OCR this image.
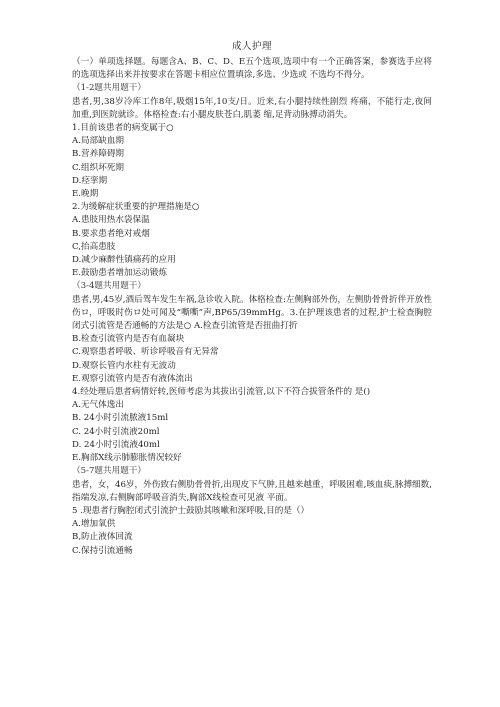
成人护理

（一）单项选择题。每题含A、B、C、D、E五个选项,选项中有一个正确答案，参赛选手应将的选项选择出来并按要求在答题卡相应位置填涂,多选、少选或 不选均不得分。

（1-2题共用题干）

患者,男,38岁冷库工作8年,吸烟15年,10支/日。近来,右小腿持续性剧烈 疼痛，不能行走,夜间加重,到医院就诊。体格检查:右小腿皮肤苍白,肌萎 缩,足背动脉搏动消失。

1.目前该患者的病变属于○

A.局部缺血期

B.营养障碍期

C.组织坏死期

D.痉挛期

E.晚期

2.为缓解症状重要的护理措施是○

A.患肢用热水袋保温

B.要求患者绝对戒烟

C,抬高患肢

D.减少麻醉性镇痛药的应用

E.鼓励患者增加运动锻炼

（3-4题共用题干）

患者,男,45岁,酒后驾车发生车祸,急诊收入院。体格检查:左侧胸部外伤，左侧肋骨骨折伴开放性伤ロ，呼吸时伤ロ处可闻及“嘶嘶”声,BP65/39mmHg。3.在护理该患者的过程,护士检查胸腔闭式引流管是否通畅的方法是○ A.检查引流管是否扭曲打折

B.检查引流管内是否有血凝块

C.观察患者呼吸、听诊呼吸音有无异常

D.观察长管内水柱有无波动

E.观察引流管内是否有液体流出

4.经处理后患者病情好转,医师考虑为其拔出引流管,以下不符合拔管条件的 是()

A.无气体逸出

B. 24小时引流脓液15ml

C. 24小时引流液20ml

D. 24小时引流液40ml

E.胸部X线示肺膨胀情况较好

（5-7题共用题干）

患者，女，46岁，外伤致右侧肋骨骨折,出现皮下气肿,且越来越重，呼吸困难,咳血痰,脉搏细数,指端发凉,右侧胸部呼吸音消失,胸部X线检查可见液 平面。

5 .现患者行胸腔闭式引流护士鼓励其咳嗽和深呼吸,目的是（）

A.增加氧供

B,防止液体回流

C.保持引流通畅
